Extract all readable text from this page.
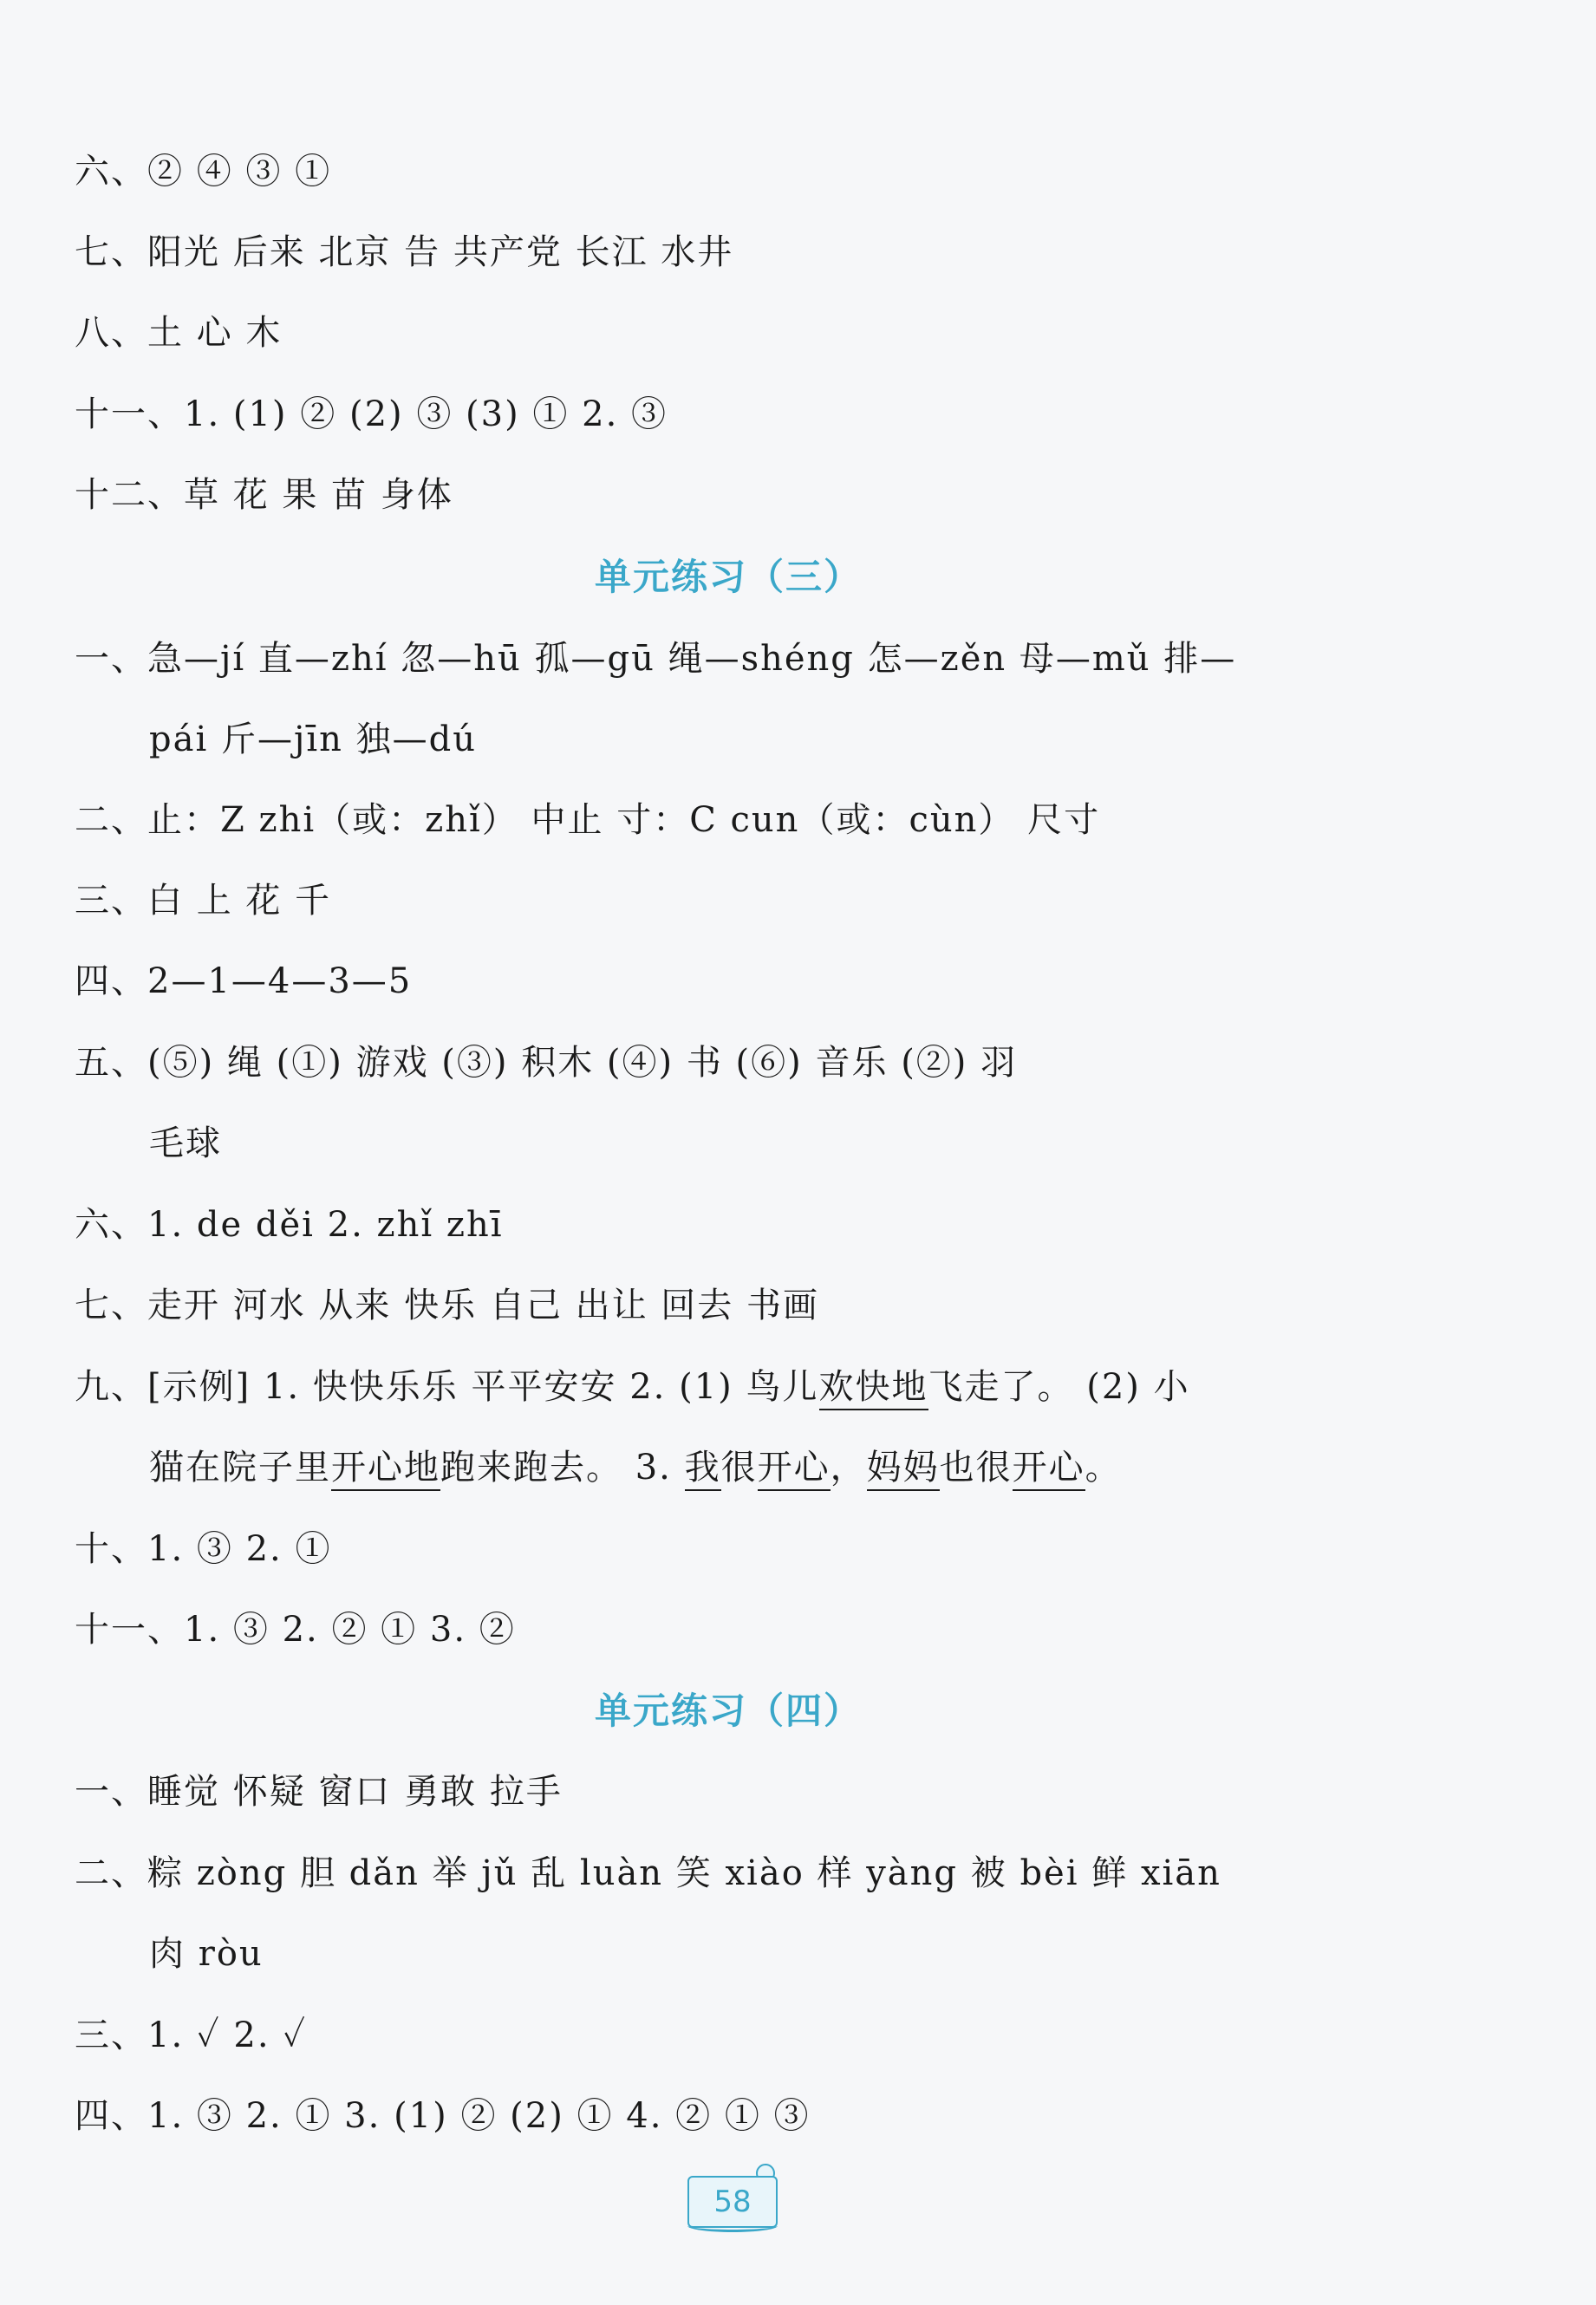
六、② ④ ③ ①
七、阳光 后来 北京 告 共产党 长江 水井
八、土 心 木
十一、1. (1) ② (2) ③ (3) ① 2. ③
十二、草 花 果 苗 身体
单元练习（三）
一、急—jí 直—zhí 忽—hū 孤—gū 绳—shéng 怎—zěn 母—mǔ 排—
pái 斤—jīn 独—dú
二、止：Z zhi（或：zhǐ） 中止 寸：C cun（或：cùn） 尺寸
三、白 上 花 千
四、2—1—4—3—5
五、(⑤) 绳 (①) 游戏 (③) 积木 (④) 书 (⑥) 音乐 (②) 羽
毛球
六、1. de děi 2. zhǐ zhī
七、走开 河水 从来 快乐 自己 出让 回去 书画
九、[示例] 1. 快快乐乐 平平安安 2. (1) 鸟儿欢快地飞走了。 (2) 小
猫在院子里开心地跑来跑去。 3. 我很开心，妈妈也很开心。
十、1. ③ 2. ①
十一、1. ③ 2. ② ① 3. ②
单元练习（四）
一、睡觉 怀疑 窗口 勇敢 拉手
二、粽 zòng 胆 dǎn 举 jǔ 乱 luàn 笑 xiào 样 yàng 被 bèi 鲜 xiān
肉 ròu
三、1. ✓ 2. ✓
四、1. ③ 2. ① 3. (1) ② (2) ① 4. ② ① ③
58
